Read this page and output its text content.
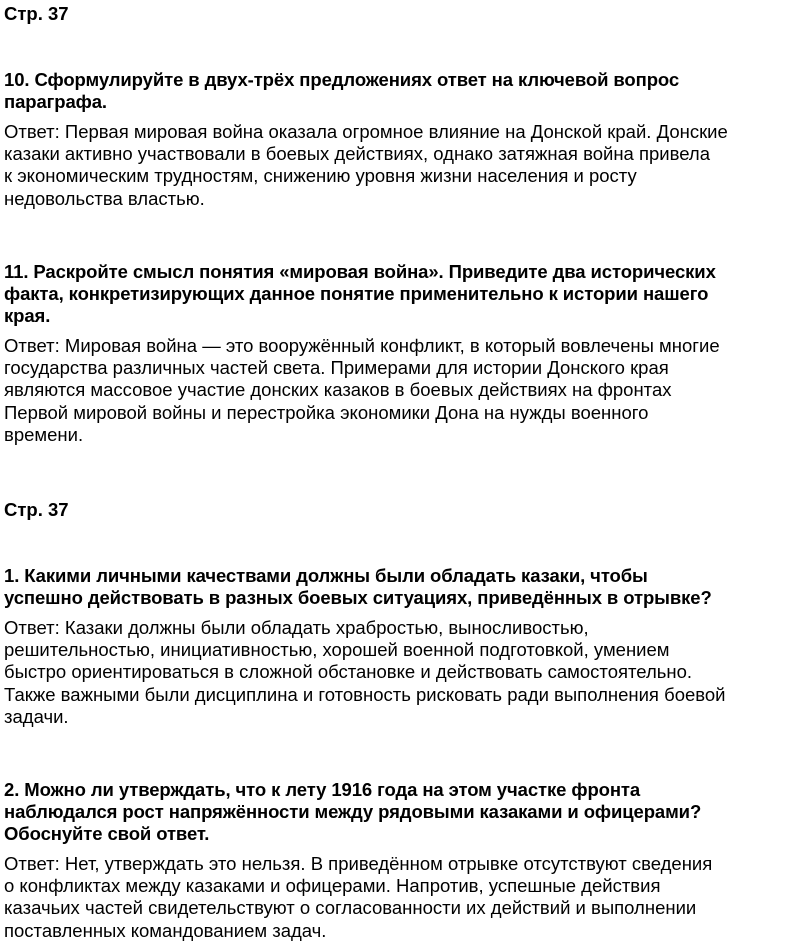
Стр. 37

10. Сформулируйте в двух-трёх предложениях ответ на ключевой вопрос
параграфа.

Ответ: Первая мировая война оказала огромное влияние на Донской край. Донские
казаки активно участвовали в боевых действиях, однако затяжная война привела
к экономическим трудностям, снижению уровня жизни населения и росту
недовольства властью.

11. Раскройте смысл понятия «мировая война». Приведите два исторических
факта, конкретизирующих данное понятие применительно к истории нашего
края.

Ответ: Мировая война — это вооружённый конфликт, в который вовлечены многие
государства различных частей света. Примерами для истории Донского края
являются массовое участие донских казаков в боевых действиях на фронтах
Первой мировой войны и перестройка экономики Дона на нужды военного
времени.

Стр. 37

1. Какими личными качествами должны были обладать казаки, чтобы
успешно действовать в разных боевых ситуациях, приведённых в отрывке?

Ответ: Казаки должны были обладать храбростью, выносливостью,
решительностью, инициативностью, хорошей военной подготовкой, умением
быстро ориентироваться в сложной обстановке и действовать самостоятельно.
Также важными были дисциплина и готовность рисковать ради выполнения боевой
задачи.

2. Можно ли утверждать, что к лету 1916 года на этом участке фронта
наблюдался рост напряжённости между рядовыми казаками и офицерами?
Обоснуйте свой ответ.

Ответ: Нет, утверждать это нельзя. В приведённом отрывке отсутствуют сведения
о конфликтах между казаками и офицерами. Напротив, успешные действия
казачьих частей свидетельствуют о согласованности их действий и выполнении
поставленных командованием задач.
